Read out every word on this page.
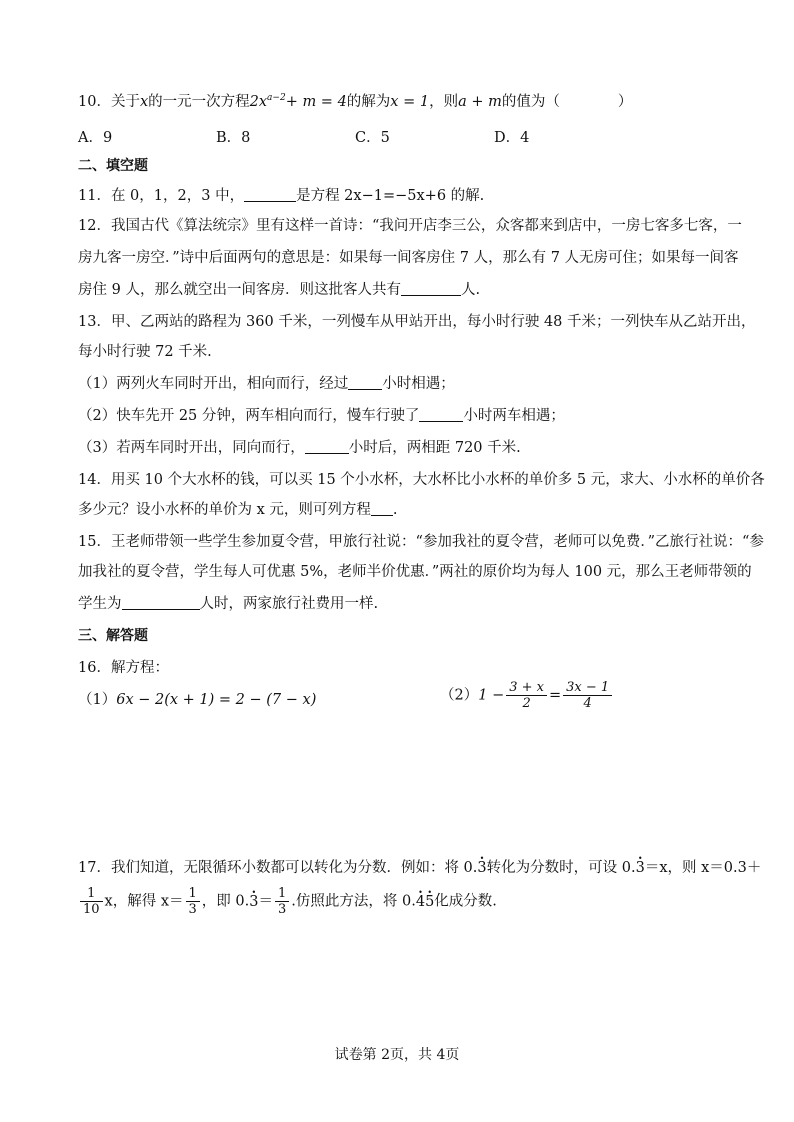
10．关于x的一元一次方程$2x^{a-2}+ m = 4$的解为x = 1，则a + m的值为（　　　　）
A．9	B．8	C．5	D．4
二、填空题
11．在 0，1，2，3 中，	是方程 2x−1=−5x+6 的解.
12．我国古代《算法统宗》里有这样一首诗：“我问开店李三公，众客都来到店中，一房七客多七客，一
房九客一房空．”诗中后面两句的意思是：如果每一间客房住 7 人，那么有 7 人无房可住；如果每一间客
房住 9 人，那么就空出一间客房．则这批客人共有	人.
13．甲、乙两站的路程为 360 千米，一列慢车从甲站开出，每小时行驶 48 千米；一列快车从乙站开出，
每小时行驶 72 千米.
（1）两列火车同时开出，相向而行，经过 小时相遇；
（2）快车先开 25 分钟，两车相向而行，慢车行驶了	小时两车相遇；
（3）若两车同时开出，同向而行，	小时后，两相距 720 千米.
14．用买 10 个大水杯的钱，可以买 15 个小水杯，大水杯比小水杯的单价多 5 元，求大、小水杯的单价各
多少元？设小水杯的单价为 x 元，则可列方程 .
15．王老师带领一些学生参加夏令营，甲旅行社说：“参加我社的夏令营，老师可以免费．”乙旅行社说：“参
加我社的夏令营，学生每人可优惠 5%，老师半价优惠．”两社的原价均为每人 100 元，那么王老师带领的
学生为	人时，两家旅行社费用一样.
三、解答题
16．解方程：
（1）6x − 2(x + 1) = 2 − (7 − x)	$(2)1 - \frac{3 + x}{2} = \frac{3x - 1}{4}$
17．我们知道，无限循环小数都可以转化为分数．例如：将 0.3 •转化为分数时，可设 0.3 •＝x，则 x＝0.3＋
$\frac{1}{10}$ x，解得 $x= \frac{1}{3}$ ，即 0.3 •＝ $\frac{1}{3}$ .仿照此方法，将 0.4 •5 •化成分数.
试卷第 2页，共 4页
